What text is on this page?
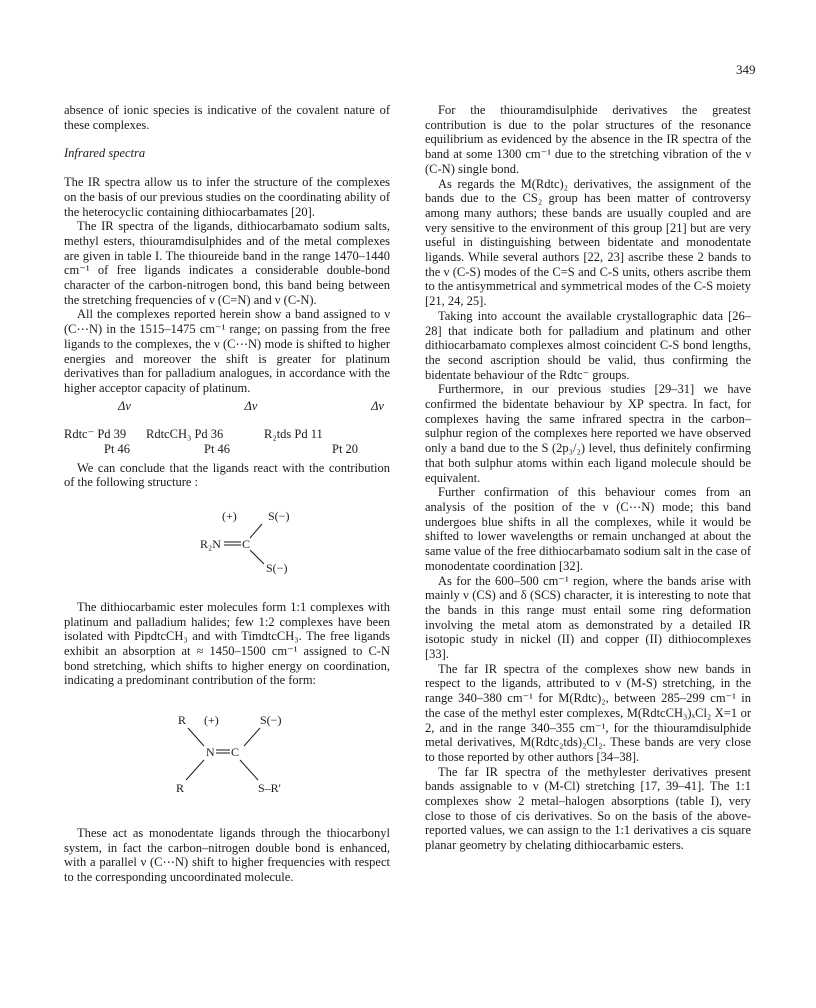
349

absence of ionic species is indicative of the covalent nature of these complexes.

Infrared spectra

The IR spectra allow us to infer the structure of the complexes on the basis of our previous studies on the coordinating ability of the heterocyclic containing dithiocarbamates [20].

The IR spectra of the ligands, dithiocarbamato sodium salts, methyl esters, thiouramdisulphides and of the metal complexes are given in table I. The thioureide band in the range 1470–1440 cm⁻¹ of free ligands indicates a considerable double-bond character of the carbon-nitrogen bond, this band being between the stretching frequencies of ν (C=N) and ν (C-N).

All the complexes reported herein show a band assigned to ν (C⋯N) in the 1515–1475 cm⁻¹ range; on passing from the free ligands to the complexes, the ν (C⋯N) mode is shifted to higher energies and moreover the shift is greater for platinum derivatives than for palladium analogues, in accordance with the higher acceptor capacity of platinum.

Δν	Δν	Δν
Rdtc⁻ Pd 39	RdtcCH₃ Pd 36	R₂tds Pd 11
Pt 46	Pt 46	Pt 20

We can conclude that the ligands react with the contribution of the following structure :

(+)	S(−)
R₂N C
S(−)

The dithiocarbamic ester molecules form 1:1 complexes with platinum and palladium halides; few 1:2 complexes have been isolated with PipdtcCH₃ and with TimdtcCH₃. The free ligands exhibit an absorption at ≈ 1450–1500 cm⁻¹ assigned to C-N bond stretching, which shifts to higher energy on coordination, indicating a predominant contribution of the form:

R (+)	S(−)
N C
R	S–R'

These act as monodentate ligands through the thiocarbonyl system, in fact the carbon–nitrogen double bond is enhanced, with a parallel ν (C⋯N) shift to higher frequencies with respect to the corresponding uncoordinated molecule.

For the thiouramdisulphide derivatives the greatest contribution is due to the polar structures of the resonance equilibrium as evidenced by the absence in the IR spectra of the band at some 1300 cm⁻¹ due to the stretching vibration of the ν (C-N) single bond.

As regards the M(Rdtc)₂ derivatives, the assignment of the bands due to the CS₂ group has been matter of controversy among many authors; these bands are usually coupled and are very sensitive to the environment of this group [21] but are very useful in distinguishing between bidentate and monodentate ligands. While several authors [22, 23] ascribe these 2 bands to the ν (C-S) modes of the C=S and C-S units, others ascribe them to the antisymmetrical and symmetrical modes of the C-S moiety [21, 24, 25].

Taking into account the available crystallographic data [26–28] that indicate both for palladium and platinum and other dithiocarbamato complexes almost coincident C-S bond lengths, the second ascription should be valid, thus confirming the bidentate behaviour of the Rdtc⁻ groups.

Furthermore, in our previous studies [29–31] we have confirmed the bidentate behaviour by XP spectra. In fact, for complexes having the same infrared spectra in the carbon–sulphur region of the complexes here reported we have observed only a band due to the S (2p₃/₂) level, thus definitely confirming that both sulphur atoms within each ligand molecule should be equivalent.

Further confirmation of this behaviour comes from an analysis of the position of the ν (C⋯N) mode; this band undergoes blue shifts in all the complexes, while it would be shifted to lower wavelengths or remain unchanged at about the same value of the free dithiocarbamato sodium salt in the case of monodentate coordination [32].

As for the 600–500 cm⁻¹ region, where the bands arise with mainly ν (CS) and δ (SCS) character, it is interesting to note that the bands in this range must entail some ring deformation involving the metal atom as demonstrated by a detailed IR isotopic study in nickel (II) and copper (II) dithiocomplexes [33].

The far IR spectra of the complexes show new bands in respect to the ligands, attributed to ν (M-S) stretching, in the range 340–380 cm⁻¹ for M(Rdtc)₂, between 285–299 cm⁻¹ in the case of the methyl ester complexes, M(RdtcCH₃)ₓCl₂ X=1 or 2, and in the range 340–355 cm⁻¹, for the thiouramdisulphide metal derivatives, M(Rdtc₂tds)₂Cl₂. These bands are very close to those reported by other authors [34–38].

The far IR spectra of the methylester derivatives present bands assignable to ν (M-Cl) stretching [17, 39–41]. The 1:1 complexes show 2 metal–halogen absorptions (table I), very close to those of cis derivatives. So on the basis of the above-reported values, we can assign to the 1:1 derivatives a cis square planar geometry by chelating dithiocarbamic esters.
